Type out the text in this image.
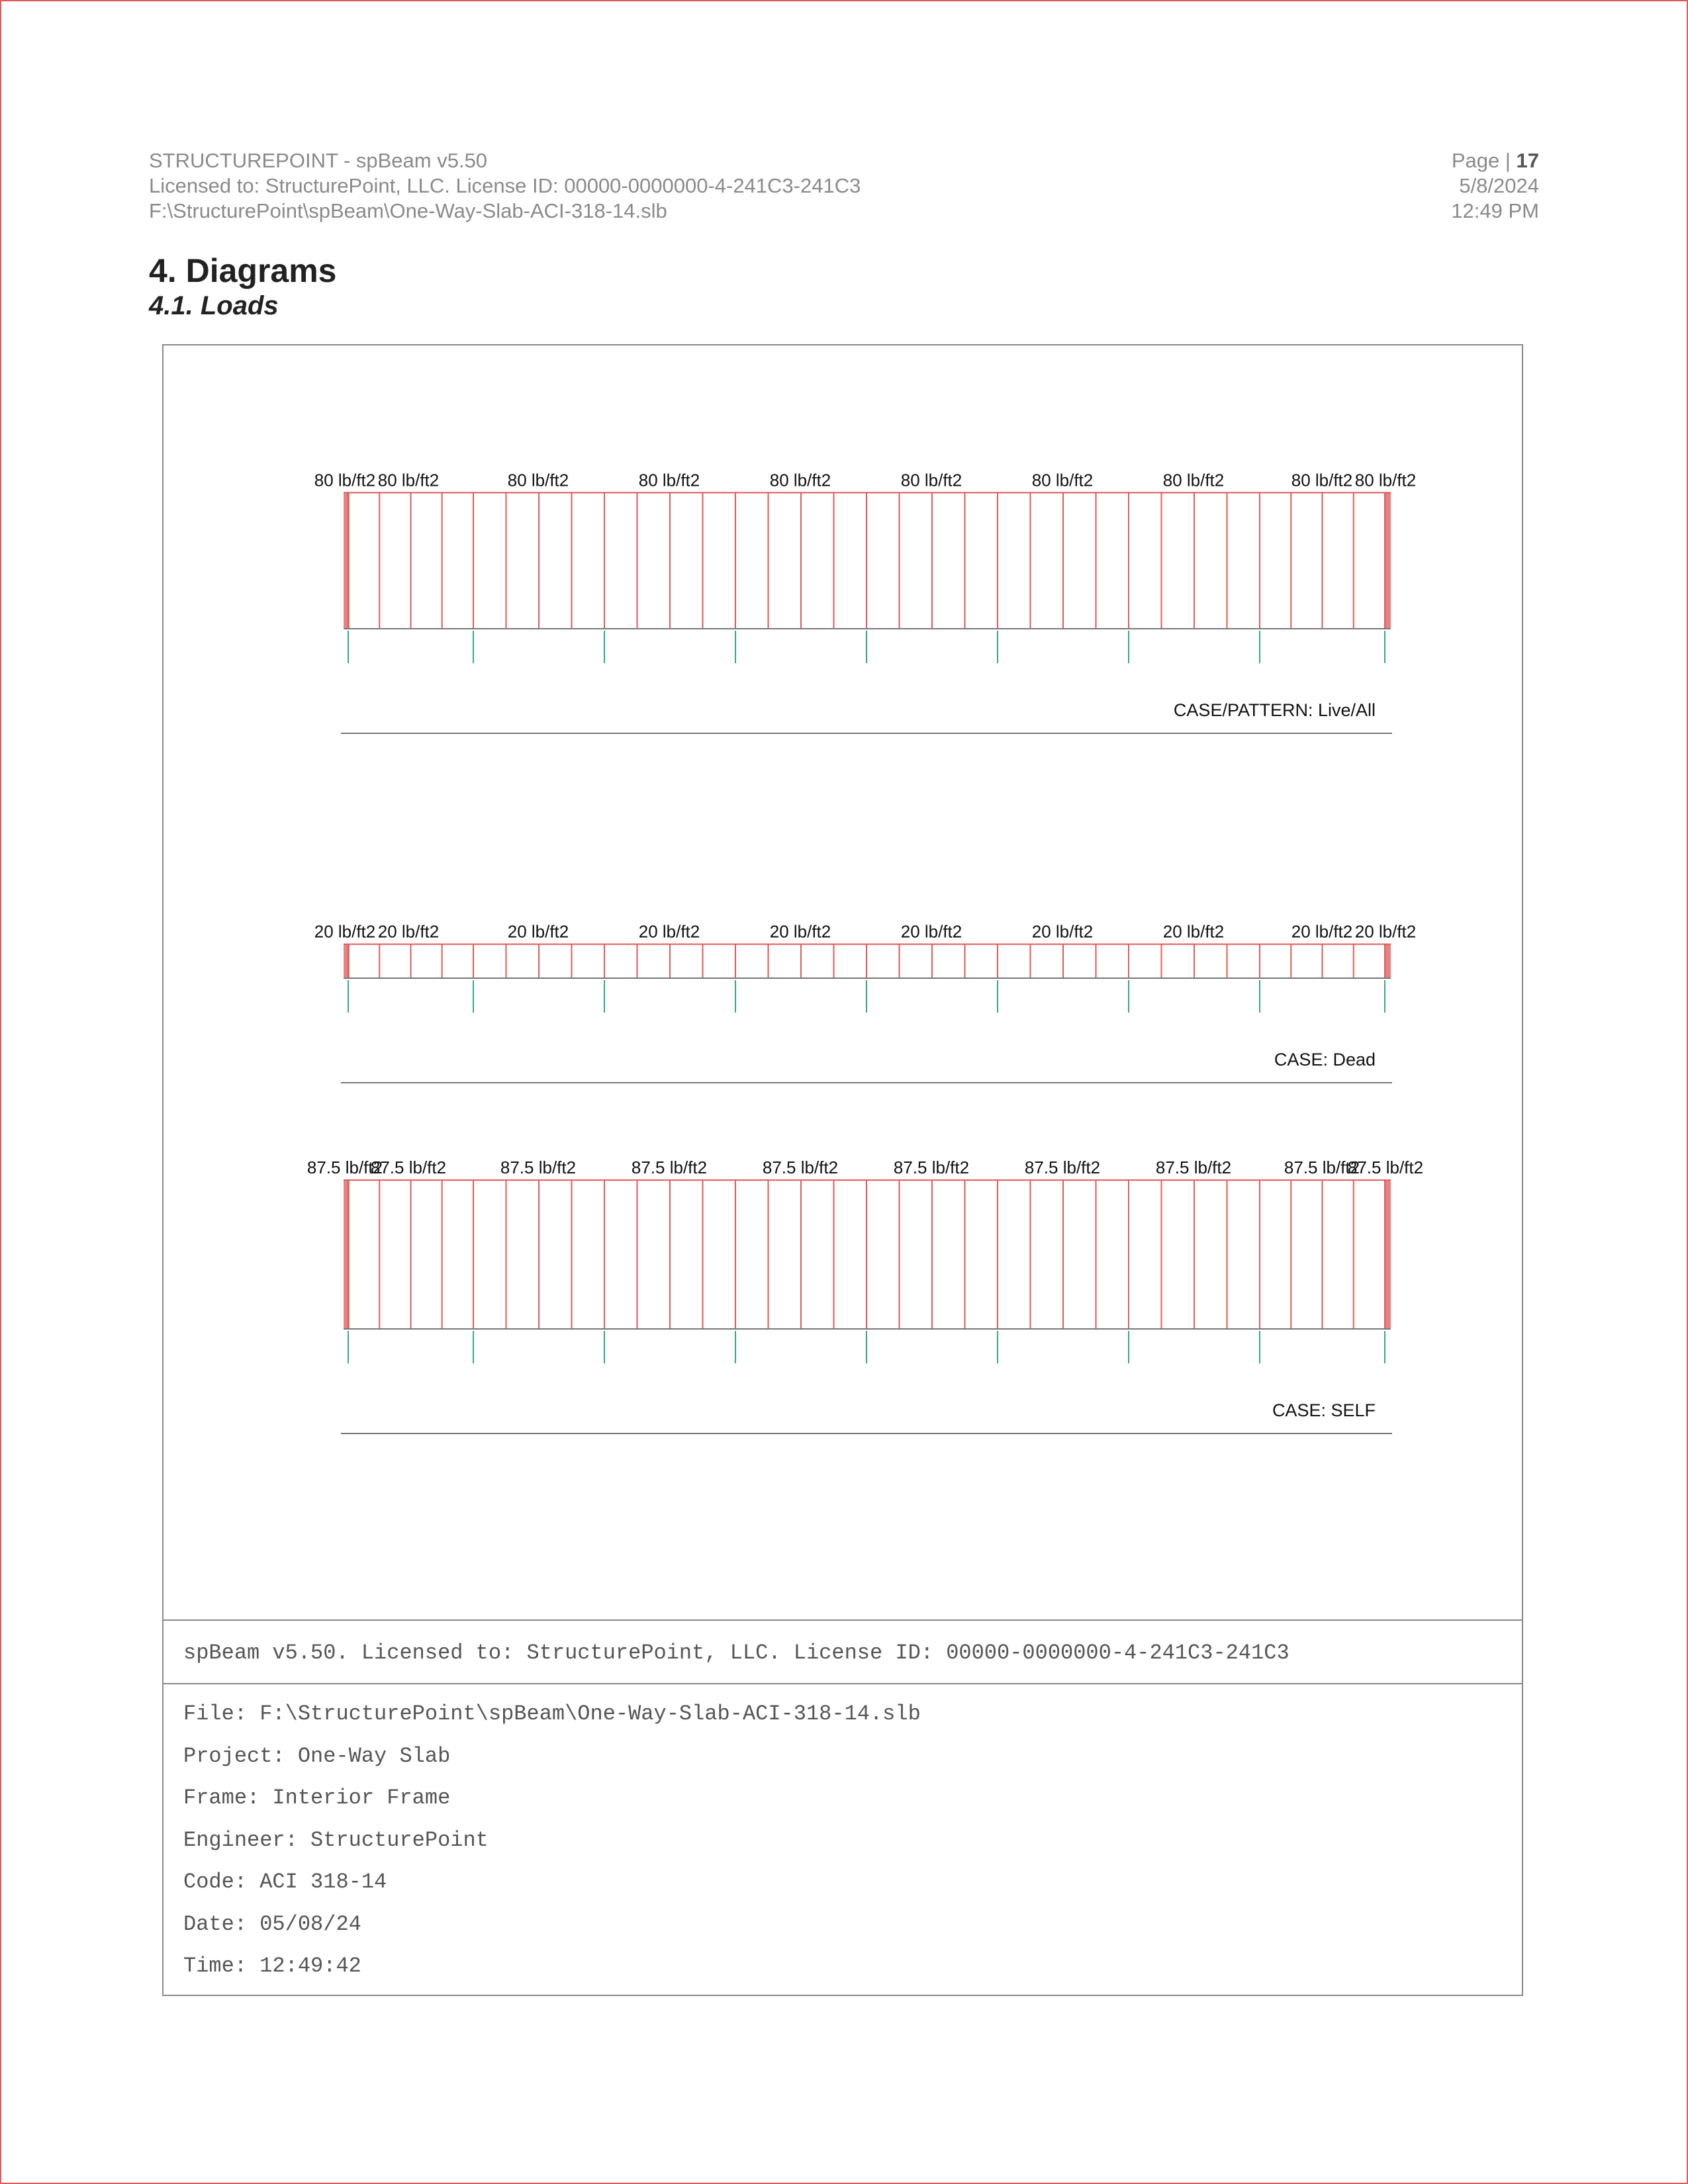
STRUCTUREPOINT - spBeam v5.50
Licensed to: StructurePoint, LLC. License ID: 00000-0000000-4-241C3-241C3
F:\StructurePoint\spBeam\One-Way-Slab-ACI-318-14.slb
Page | 17
5/8/2024
12:49 PM
4. Diagrams
4.1. Loads
80 lb/ft2 80 lb/ft2	80 lb/ft2	80 lb/ft2	80 lb/ft2	80 lb/ft2	80 lb/ft2	80 lb/ft2	80 lb/ft2 80 lb/ft2
CASE/PATTERN: Live/All
20 lb/ft2 20 lb/ft2	20 lb/ft2	20 lb/ft2	20 lb/ft2	20 lb/ft2	20 lb/ft2	20 lb/ft2	20 lb/ft2 20 lb/ft2
CASE: Dead
87.5 lb/ft2
87.5 lb/ft2	87.5 lb/ft2	87.5 lb/ft2	87.5 lb/ft2	87.5 lb/ft2	87.5 lb/ft2	87.5 lb/ft2	87.5 lb/ft2
87.5 lb/ft2
CASE: SELF
spBeam v5.50. Licensed to: StructurePoint, LLC. License ID: 00000-0000000-4-241C3-241C3
File: F:\StructurePoint\spBeam\One-Way-Slab-ACI-318-14.slb
Project: One-Way Slab
Frame: Interior Frame
Engineer: StructurePoint
Code: ACI 318-14
Date: 05/08/24
Time: 12:49:42
